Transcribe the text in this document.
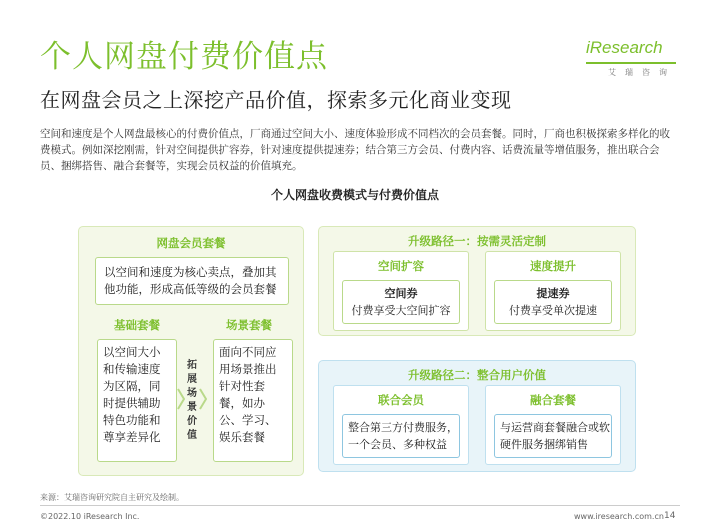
个人网盘付费价值点
在网盘会员之上深挖产品价值，探索多元化商业变现
iResearch
艾瑞咨询
空间和速度是个人网盘最核心的付费价值点，厂商通过空间大小、速度体验形成不同档次的会员套餐。同时，厂商也积极探索多样化的收费模式。例如深挖刚需，针对空间提供扩容券，针对速度提供提速券；结合第三方会员、付费内容、话费流量等增值服务，推出联合会员、捆绑搭售、融合套餐等，实现会员权益的价值填充。
个人网盘收费模式与付费价值点
网盘会员套餐
以空间和速度为核心卖点，叠加其他功能，形成高低等级的会员套餐
基础套餐
以空间大小和传输速度为区隔，同时提供辅助特色功能和尊享差异化
拓展场景价值
场景套餐
面向不同应用场景推出针对性套餐，如办公、学习、娱乐套餐
升级路径一：按需灵活定制
空间扩容
空间券
付费享受大空间扩容
速度提升
提速券
付费享受单次提速
升级路径二：整合用户价值
联合会员
整合第三方付费服务，一个会员、多种权益
融合套餐
与运营商套餐融合或软硬件服务捆绑销售
来源：艾瑞咨询研究院自主研究及绘制。
©2022.10 iResearch Inc.	www.iresearch.com.cn 14
